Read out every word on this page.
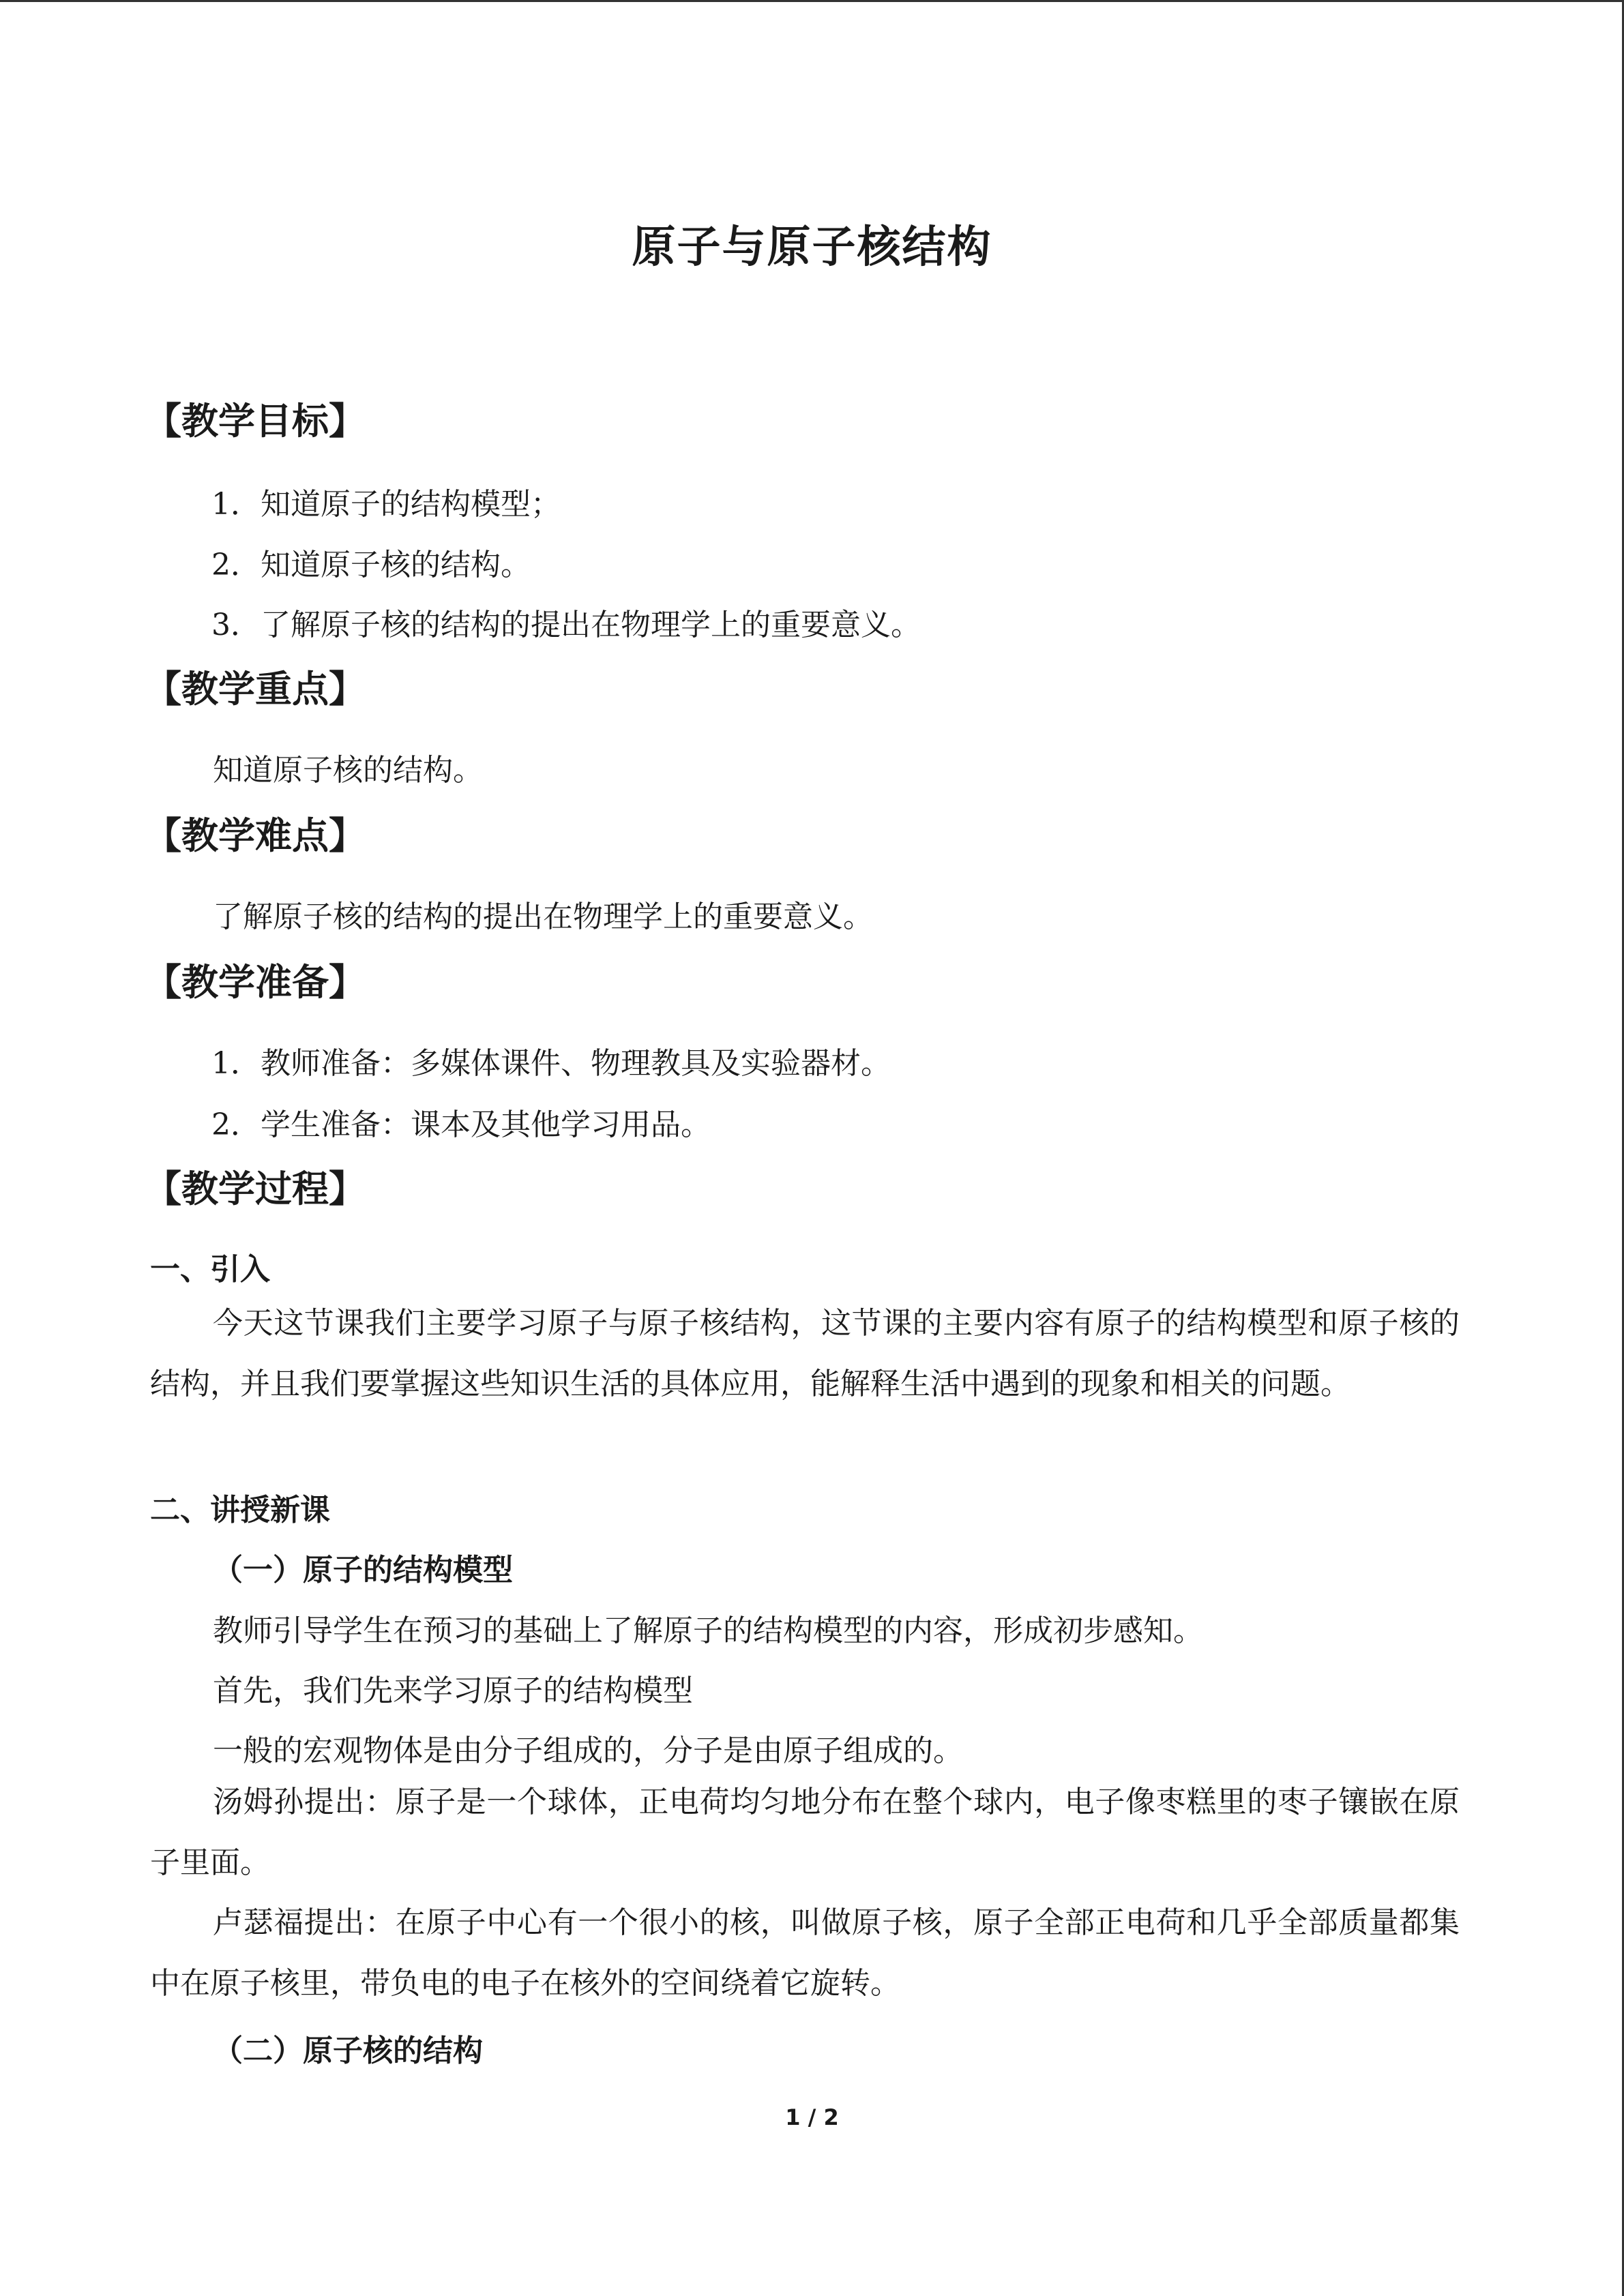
原子与原子核结构
【教学目标】
1．知道原子的结构模型；
2．知道原子核的结构。
3．了解原子核的结构的提出在物理学上的重要意义。
【教学重点】
知道原子核的结构。
【教学难点】
了解原子核的结构的提出在物理学上的重要意义。
【教学准备】
1．教师准备：多媒体课件、物理教具及实验器材。
2．学生准备：课本及其他学习用品。
【教学过程】
一、引入
今天这节课我们主要学习原子与原子核结构，这节课的主要内容有原子的结构模型和原子核的结构，并且我们要掌握这些知识生活的具体应用，能解释生活中遇到的现象和相关的问题。
二、讲授新课
（一）原子的结构模型
教师引导学生在预习的基础上了解原子的结构模型的内容，形成初步感知。
首先，我们先来学习原子的结构模型
一般的宏观物体是由分子组成的，分子是由原子组成的。
汤姆孙提出：原子是一个球体，正电荷均匀地分布在整个球内，电子像枣糕里的枣子镶嵌在原子里面。
卢瑟福提出：在原子中心有一个很小的核，叫做原子核，原子全部正电荷和几乎全部质量都集中在原子核里，带负电的电子在核外的空间绕着它旋转。
（二）原子核的结构
1 / 2
